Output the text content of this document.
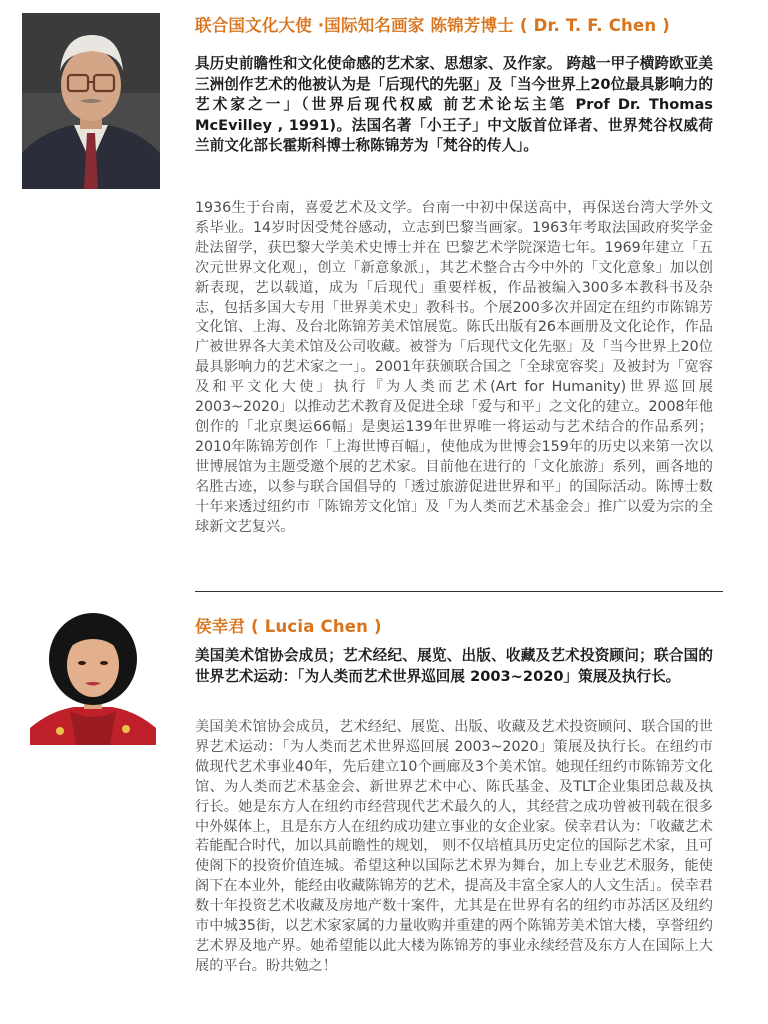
联合国文化大使 ·国际知名画家 陈锦芳博士 ( Dr. T. F. Chen )

具历史前瞻性和文化使命感的艺术家、思想家、及作家。 跨越一甲子横跨欧亚美三洲创作艺术的他被认为是「后现代的先驱」及「当今世界上20位最具影响力的艺术家之一」（世界后现代权威 前艺术论坛主笔 Prof Dr. Thomas McEvilley , 1991)。法国名著「小王子」中文版首位译者、世界梵谷权威荷兰前文化部长霍斯科博士称陈锦芳为「梵谷的传人」。

1936生于台南，喜爱艺术及文学。台南一中初中保送高中，再保送台湾大学外文系毕业。14岁时因受梵谷感动，立志到巴黎当画家。1963年考取法国政府奖学金赴法留学，获巴黎大学美术史博士并在 巴黎艺术学院深造七年。1969年建立「五次元世界文化观」，创立「新意象派」，其艺术整合古今中外的「文化意象」加以创新表现，艺以载道，成为「后现代」重要样板，作品被编入300多本教科书及杂志，包括多国大专用「世界美术史」教科书。个展200多次并固定在纽约市陈锦芳文化馆、上海、及台北陈锦芳美术馆展览。陈氏出版有26本画册及文化论作，作品广被世界各大美术馆及公司收藏。被誉为「后现代文化先驱」及「当今世界上20位最具影响力的艺术家之一」。2001年获颁联合国之「全球宽容奖」及被封为「宽容及和平文化大使」执行『为人类而艺术(Art for Humanity)世界巡回展2003~2020」以推动艺术教育及促进全球「爱与和平」之文化的建立。2008年他创作的「北京奥运66幅」是奥运139年世界唯一将运动与艺术结合的作品系列；2010年陈锦芳创作「上海世博百幅」，使他成为世博会159年的历史以来第一次以世博展馆为主题受邀个展的艺术家。目前他在进行的「文化旅游」系列，画各地的名胜古迹，以参与联合国倡导的「透过旅游促进世界和平」的国际活动。陈博士数十年来透过纽约市「陈锦芳文化馆」及「为人类而艺术基金会」推广以爱为宗的全球新文艺复兴。

侯幸君 ( Lucia Chen )

美国美术馆协会成员；艺术经纪、展览、出版、收藏及艺术投资顾问；联合国的世界艺术运动：「为人类而艺术世界巡回展 2003~2020」策展及执行长。

美国美术馆协会成员，艺术经纪、展览、出版、收藏及艺术投资顾问、联合国的世界艺术运动：「为人类而艺术世界巡回展 2003~2020」策展及执行长。在纽约市做现代艺术事业40年，先后建立10个画廊及3个美术馆。她现任纽约市陈锦芳文化馆、为人类而艺术基金会、新世界艺术中心、陈氏基金、及TLT企业集团总裁及执行长。她是东方人在纽约市经营现代艺术最久的人，其经营之成功曾被刊载在很多中外媒体上，且是东方人在纽约成功建立事业的女企业家。侯幸君认为：「收藏艺术若能配合时代，加以具前瞻性的规划， 则不仅培植具历史定位的国际艺术家，且可使阁下的投资价值连城。希望这种以国际艺术界为舞台，加上专业艺术服务，能使阁下在本业外，能经由收藏陈锦芳的艺术，提高及丰富全家人的人文生活」。侯幸君数十年投资艺术收藏及房地产数十案件，尤其是在世界有名的纽约市苏活区及纽约市中城35街，以艺术家家属的力量收购并重建的两个陈锦芳美术馆大楼，享誉纽约艺术界及地产界。她希望能以此大楼为陈锦芳的事业永续经营及东方人在国际上大展的平台。盼共勉之！
